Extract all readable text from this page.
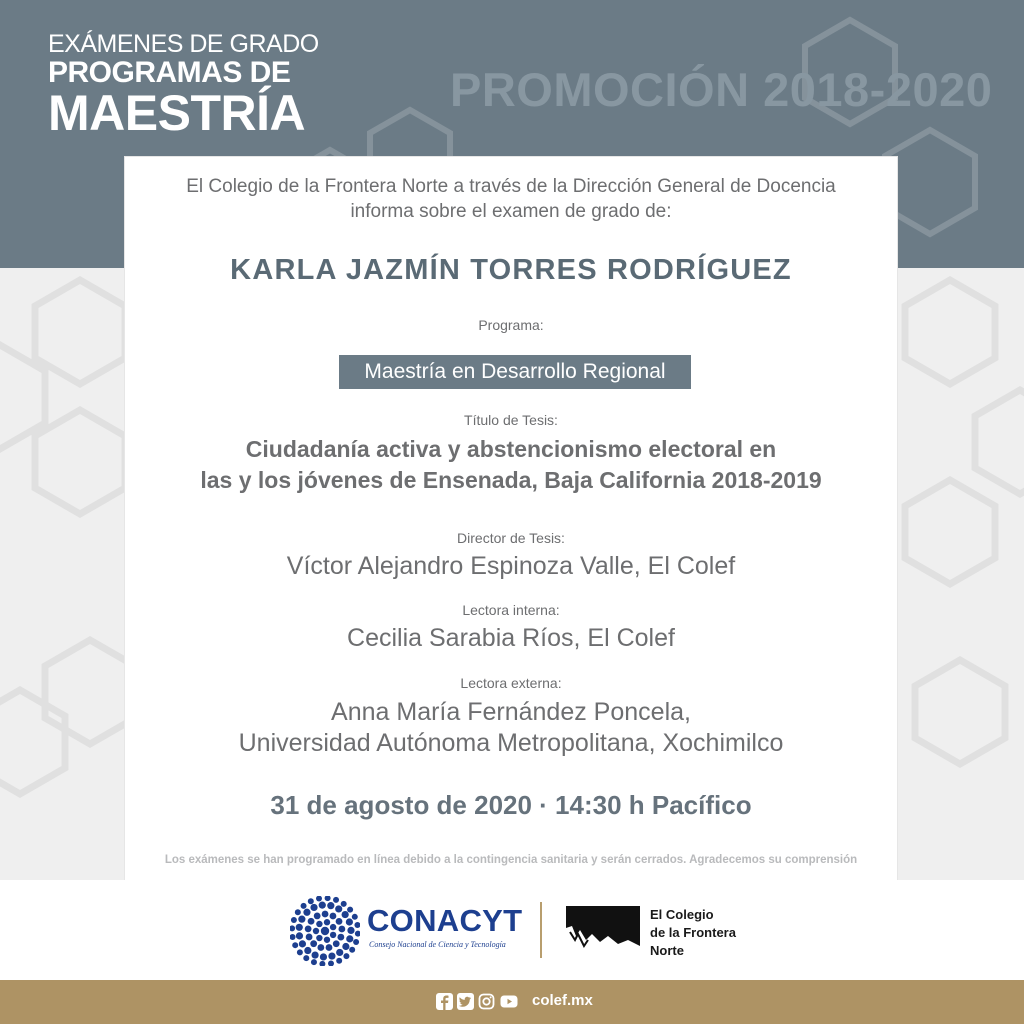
EXÁMENES DE GRADO
PROGRAMAS DE
MAESTRÍA	PROMOCIÓN 2018-2020
El Colegio de la Frontera Norte a través de la Dirección General de Docencia
informa sobre el examen de grado de:
KARLA JAZMÍN TORRES RODRÍGUEZ
Programa:
Maestría en Desarrollo Regional
Título de Tesis:
Ciudadanía activa y abstencionismo electoral en
las y los jóvenes de Ensenada, Baja California 2018-2019
Director de Tesis:
Víctor Alejandro Espinoza Valle, El Colef
Lectora interna:
Cecilia Sarabia Ríos, El Colef
Lectora externa:
Anna María Fernández Poncela,
Universidad Autónoma Metropolitana, Xochimilco
31 de agosto de 2020 · 14:30 h Pacífico
Los exámenes se han programado en línea debido a la contingencia sanitaria y serán cerrados. Agradecemos su comprensión
CONACYT
Consejo Nacional de Ciencia y Tecnología
El Colegio
de la Frontera
Norte
colef.mx
